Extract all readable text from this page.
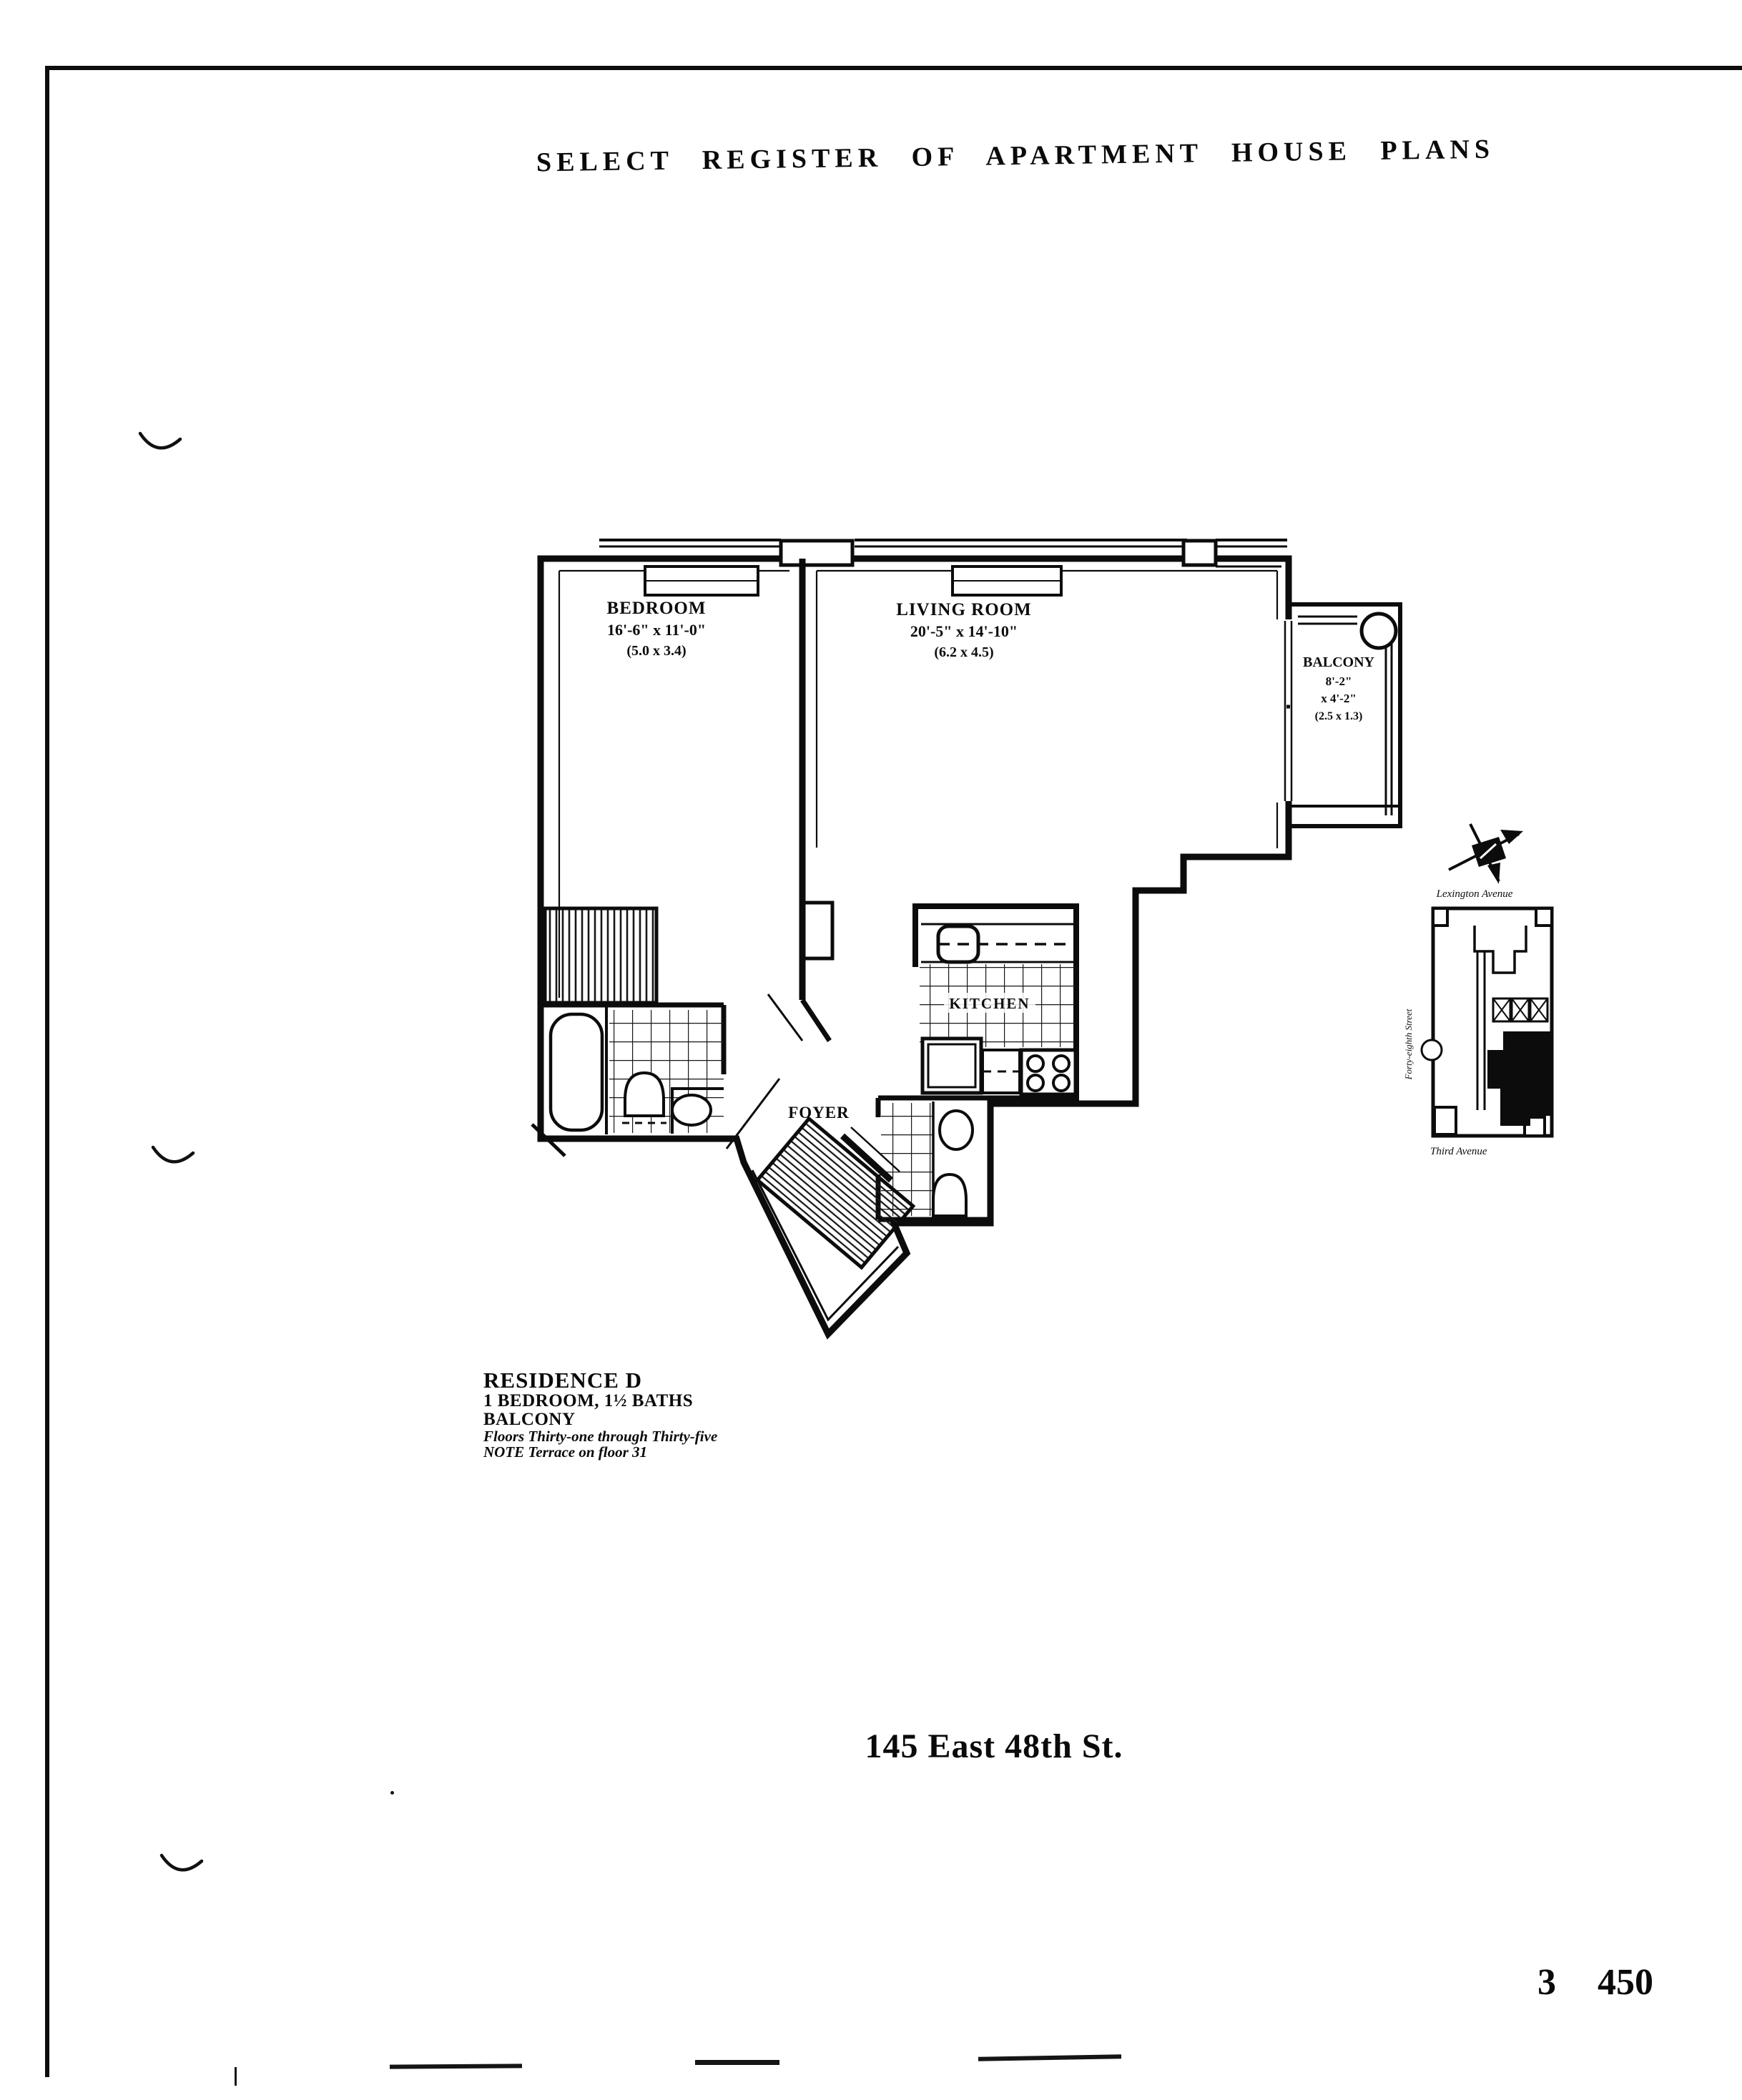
SELECT REGISTER OF APARTMENT HOUSE PLANS
BEDROOM
16'-6" x 11'-0"
(5.0 x 3.4)
LIVING ROOM
20'-5" x 14'-10"
(6.2 x 4.5)
BALCONY
8'-2"
x 4'-2"
(2.5 x 1.3)
KITCHEN
FOYER
Lexington Avenue
Forty-eighth Street
Third Avenue
RESIDENCE D
1 BEDROOM, 1½ BATHS
BALCONY
Floors Thirty-one through Thirty-five
NOTE Terrace on floor 31
145 East 48th St.
3 450
